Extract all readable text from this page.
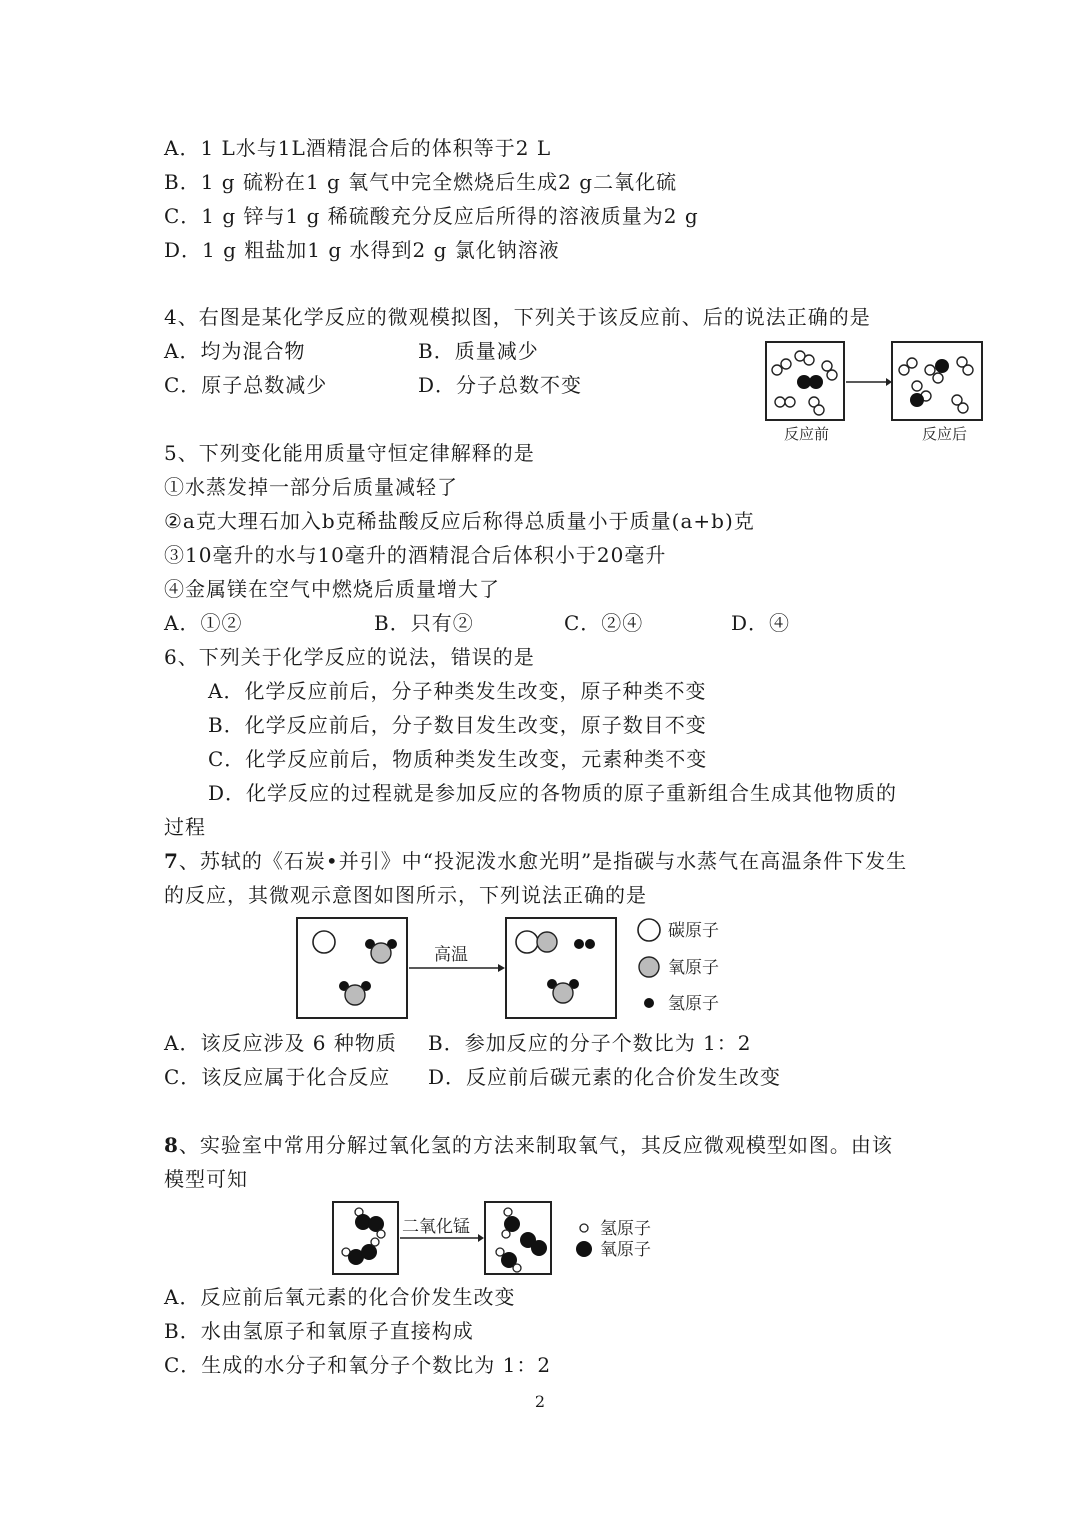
A．1 L水与1L酒精混合后的体积等于2 L
B．1 g 硫粉在1 g 氧气中完全燃烧后生成2 g二氧化硫
C．1 g 锌与1 g 稀硫酸充分反应后所得的溶液质量为2 g
D．1 g 粗盐加1 g 水得到2 g 氯化钠溶液
4、右图是某化学反应的微观模拟图，下列关于该反应前、后的说法正确的是
A．均为混合物	B．质量减少
C．原子总数减少	D．分子总数不变
反应前	反应后
5、下列变化能用质量守恒定律解释的是
①水蒸发掉一部分后质量减轻了
②a克大理石加入b克稀盐酸反应后称得总质量小于质量(a+b)克
③10毫升的水与10毫升的酒精混合后体积小于20毫升
④金属镁在空气中燃烧后质量增大了
A．①②	B．只有②	C．②④	D．④
6、下列关于化学反应的说法，错误的是
A．化学反应前后，分子种类发生改变，原子种类不变
B．化学反应前后，分子数目发生改变，原子数目不变
C．化学反应前后，物质种类发生改变，元素种类不变
D．化学反应的过程就是参加反应的各物质的原子重新组合生成其他物质的
过程
7、苏轼的《石炭•并引》中“投泥泼水愈光明”是指碳与水蒸气在高温条件下发生
的反应，其微观示意图如图所示，下列说法正确的是
高温
碳原子
氧原子
氢原子
A．该反应涉及 6 种物质 B．参加反应的分子个数比为 1：2
C．该反应属于化合反应 D．反应前后碳元素的化合价发生改变
8、实验室中常用分解过氧化氢的方法来制取氧气，其反应微观模型如图。由该
模型可知
二氧化锰	氢原子
氧原子
A．反应前后氧元素的化合价发生改变
B．水由氢原子和氧原子直接构成
C．生成的水分子和氧分子个数比为 1：2
2
